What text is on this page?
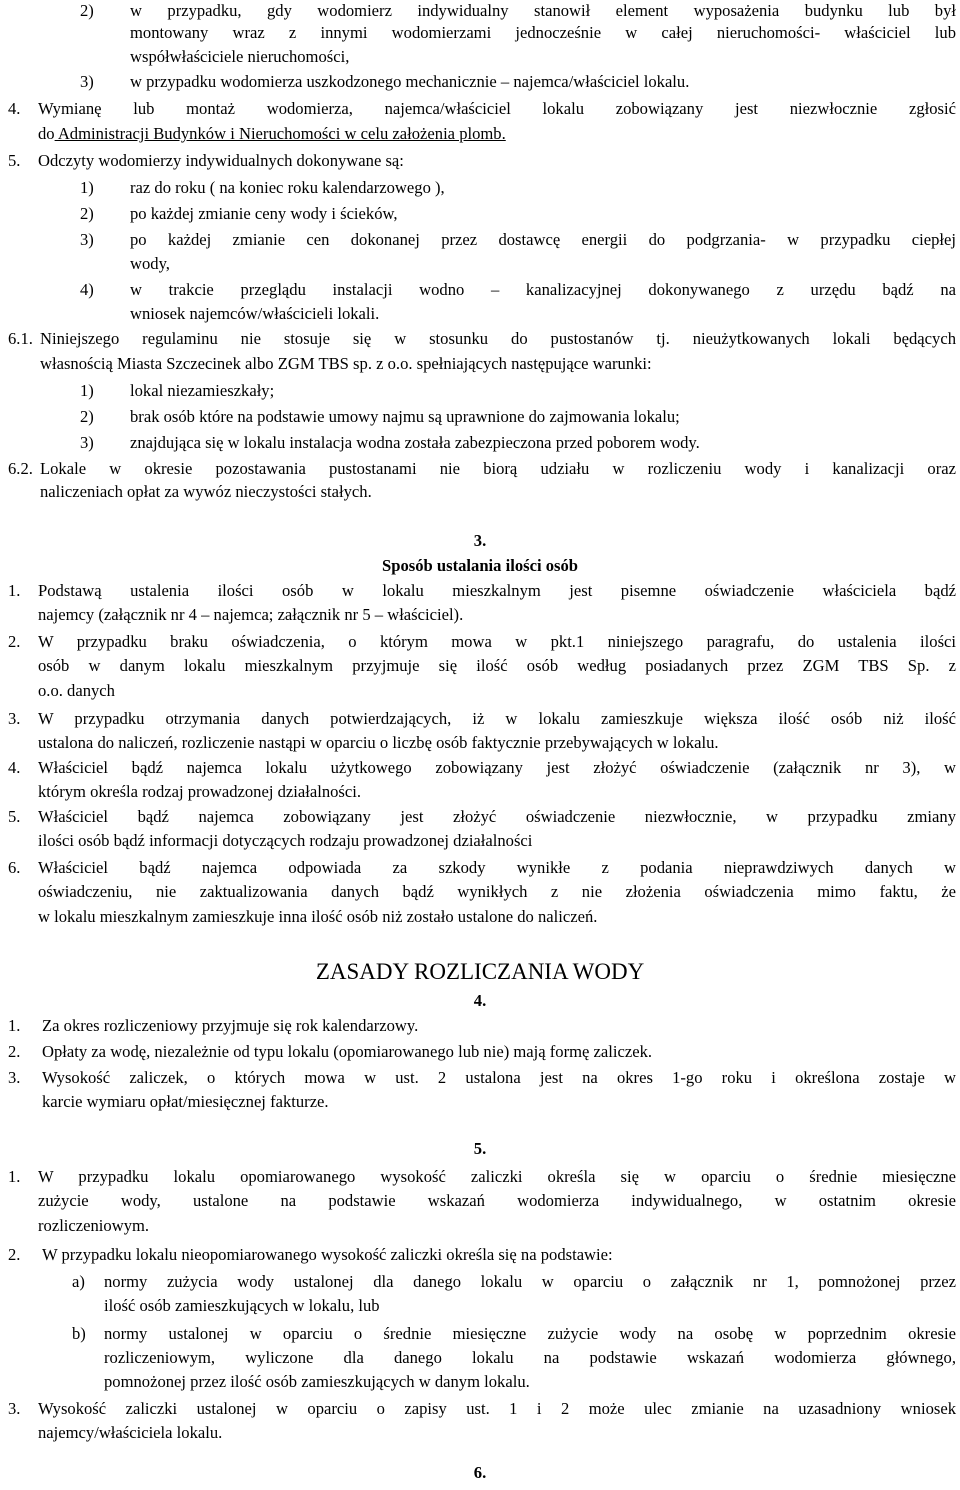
2) w przypadku, gdy wodomierz indywidualny stanowił element wyposażenia budynku lub był
montowany wraz z innymi wodomierzami jednocześnie w całej nieruchomości- właściciel lub
współwłaściciele nieruchomości,
3) w przypadku wodomierza uszkodzonego mechanicznie – najemca/właściciel lokalu.
4. Wymianę lub montaż wodomierza, najemca/właściciel lokalu zobowiązany jest niezwłocznie zgłosić
do Administracji Budynków i Nieruchomości w celu założenia plomb.
5. Odczyty wodomierzy indywidualnych dokonywane są:
1) raz do roku ( na koniec roku kalendarzowego ),
2) po każdej zmianie ceny wody i ścieków,
3) po każdej zmianie cen dokonanej przez dostawcę energii do podgrzania- w przypadku ciepłej
wody,
4) w trakcie przeglądu instalacji wodno – kanalizacyjnej dokonywanego z urzędu bądź na
wniosek najemców/właścicieli lokali.
6.1. Niniejszego regulaminu nie stosuje się w stosunku do pustostanów tj. nieużytkowanych lokali będących
własnością Miasta Szczecinek albo ZGM TBS sp. z o.o. spełniających następujące warunki:
1) lokal niezamieszkały;
2) brak osób które na podstawie umowy najmu są uprawnione do zajmowania lokalu;
3) znajdująca się w lokalu instalacja wodna została zabezpieczona przed poborem wody.
6.2. Lokale w okresie pozostawania pustostanami nie biorą udziału w rozliczeniu wody i kanalizacji oraz
naliczeniach opłat za wywóz nieczystości stałych.
3.
Sposób ustalania ilości osób
1. Podstawą ustalenia ilości osób w lokalu mieszkalnym jest pisemne oświadczenie właściciela bądź
najemcy (załącznik nr 4 – najemca; załącznik nr 5 – właściciel).
2. W przypadku braku oświadczenia, o którym mowa w pkt.1 niniejszego paragrafu, do ustalenia ilości
osób w danym lokalu mieszkalnym przyjmuje się ilość osób według posiadanych przez ZGM TBS Sp. z
o.o. danych
3. W przypadku otrzymania danych potwierdzających, iż w lokalu zamieszkuje większa ilość osób niż ilość
ustalona do naliczeń, rozliczenie nastąpi w oparciu o liczbę osób faktycznie przebywających w lokalu.
4. Właściciel bądź najemca lokalu użytkowego zobowiązany jest złożyć oświadczenie (załącznik nr 3), w
którym określa rodzaj prowadzonej działalności.
5. Właściciel bądź najemca zobowiązany jest złożyć oświadczenie niezwłocznie, w przypadku zmiany
ilości osób bądź informacji dotyczących rodzaju prowadzonej działalności
6. Właściciel bądź najemca odpowiada za szkody wynikłe z podania nieprawdziwych danych w
oświadczeniu, nie zaktualizowania danych bądź wynikłych z nie złożenia oświadczenia mimo faktu, że
w lokalu mieszkalnym zamieszkuje inna ilość osób niż zostało ustalone do naliczeń.
ZASADY ROZLICZANIA WODY
4.
1. Za okres rozliczeniowy przyjmuje się rok kalendarzowy.
2. Opłaty za wodę, niezależnie od typu lokalu (opomiarowanego lub nie) mają formę zaliczek.
3. Wysokość zaliczek, o których mowa w ust. 2 ustalona jest na okres 1-go roku i określona zostaje w
karcie wymiaru opłat/miesięcznej fakturze.
5.
1. W przypadku lokalu opomiarowanego wysokość zaliczki określa się w oparciu o średnie miesięczne
zużycie wody, ustalone na podstawie wskazań wodomierza indywidualnego, w ostatnim okresie
rozliczeniowym.
2. W przypadku lokalu nieopomiarowanego wysokość zaliczki określa się na podstawie:
a) normy zużycia wody ustalonej dla danego lokalu w oparciu o załącznik nr 1, pomnożonej przez
ilość osób zamieszkujących w lokalu, lub
b) normy ustalonej w oparciu o średnie miesięczne zużycie wody na osobę w poprzednim okresie
rozliczeniowym, wyliczone dla danego lokalu na podstawie wskazań wodomierza głównego,
pomnożonej przez ilość osób zamieszkujących w danym lokalu.
3. Wysokość zaliczki ustalonej w oparciu o zapisy ust. 1 i 2 może ulec zmianie na uzasadniony wniosek
najemcy/właściciela lokalu.
6.
